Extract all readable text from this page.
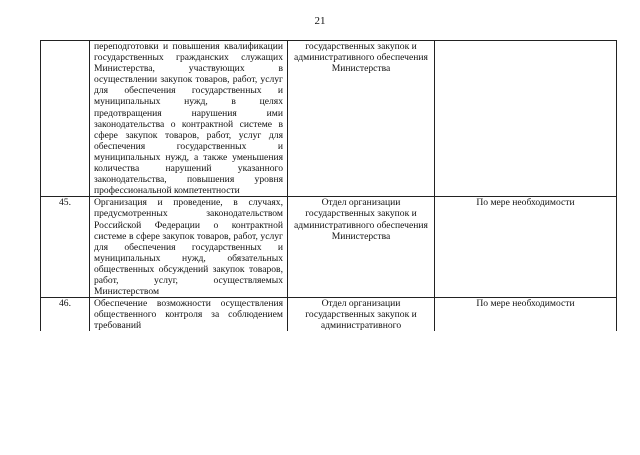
21

	переподготовки и повышения квалификации государственных гражданских служащих Министерства, участвующих в осуществлении закупок товаров, работ, услуг для обеспечения государственных и муниципальных нужд, в целях предотвращения нарушения ими законодательства о контрактной системе в сфере закупок товаров, работ, услуг для обеспечения государственных и муниципальных нужд, а также уменьшения количества нарушений указанного законодательства, повышения уровня профессиональной компетентности	государственных закупок и административного обеспечения Министерства	

45.	Организация и проведение, в случаях, предусмотренных законодательством Российской Федерации о контрактной системе в сфере закупок товаров, работ, услуг для обеспечения государственных и муниципальных нужд, обязательных общественных обсуждений закупок товаров, работ, услуг, осуществляемых Министерством	Отдел организации государственных закупок и административного обеспечения Министерства	По мере необходимости

46.	Обеспечение возможности осуществления общественного контроля за соблюдением требований	Отдел организации государственных закупок и административного	По мере необходимости
